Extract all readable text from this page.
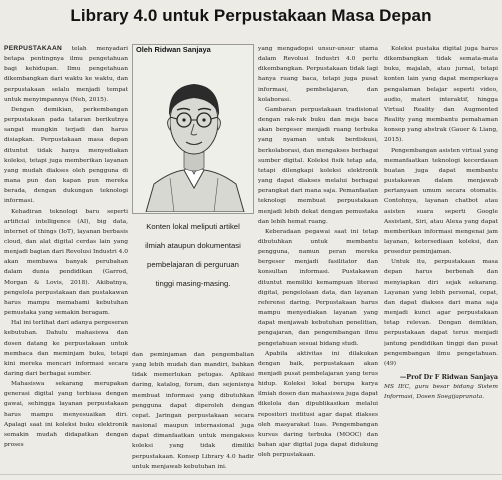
Library 4.0 untuk Perpustakaan Masa Depan

PERPUSTAKAAN telah menyadari betapa pentingnya ilmu pengetahuan bagi kehidupan. Ilmu pengetahuan dikembangkan dari waktu ke waktu, dan perpustakaan selalu menjadi tempat untuk menyimpannya (Neh, 2015).

Dengan demikian, perkembangan perpustakaan pada tataran berikutnya sangat mungkin terjadi dan harus disiapkan. Perpustakaan masa depan dituntut tidak hanya menyediakan koleksi, tetapi juga memberikan layanan yang mudah diakses oleh pengguna di mana pun dan kapan pun mereka berada, dengan dukungan teknologi informasi.

Kehadiran teknologi baru seperti artificial intelligence (AI), big data, internet of things (IoT), layanan berbasis cloud, dan alat digital cerdas lain yang menjadi bagian dari Revolusi Industri 4.0 akan membawa banyak perubahan dalam dunia pendidikan (Garrod, Morgan & Lovis, 2018). Akibatnya, pengelola perpustakaan dan pustakawan harus mampu memahami kebutuhan pemustaka yang semakin beragam.

Hal ini terlihat dari adanya pergeseran kebutuhan. Dahulu mahasiswa dan dosen datang ke perpustakaan untuk membaca dan meminjam buku, tetapi kini mereka mencari informasi secara daring dari berbagai sumber.

Mahasiswa sekarang merupakan generasi digital yang terbiasa dengan gawai, sehingga layanan perpustakaan harus mampu menyesuaikan diri. Apalagi saat ini koleksi buku elektronik semakin mudah didapatkan dengan proses

Oleh Ridwan Sanjaya
Konten lokal meliputi artikel
ilmiah ataupun dokumentasi
pembelajaran di perguruan
tinggi masing-masing.

dan peminjaman dan pengembalian yang lebih mudah dan mandiri, bahkan tidak memerlukan petugas. Aplikasi daring, katalog, forum, dan sejenisnya membuat informasi yang dibutuhkan pengguna dapat diperoleh dengan cepat. Jaringan perpustakaan secara nasional maupun internasional juga dapat dimanfaatkan untuk mengakses koleksi yang tidak dimiliki perpustakaan. Konsep Library 4.0 hadir untuk menjawab kebutuhan ini.

yang mengadopsi unsur-unsur utama dalam Revolusi Industri 4.0 perlu dikembangkan. Perpustakaan tidak lagi hanya ruang baca, tetapi juga pusat informasi, pembelajaran, dan kolaborasi.

Gambaran perpustakaan tradisional dengan rak-rak buku dan meja baca akan bergeser menjadi ruang terbuka yang nyaman untuk berdiskusi, berkolaborasi, dan mengakses berbagai sumber digital. Koleksi fisik tetap ada, tetapi dilengkapi koleksi elektronik yang dapat diakses melalui berbagai perangkat dari mana saja. Pemanfaatan teknologi membuat perpustakaan menjadi lebih dekat dengan pemustaka dan lebih hemat ruang.

Keberadaan pegawai saat ini tetap dibutuhkan untuk membantu pengguna, namun peran mereka bergeser menjadi fasilitator dan konsultan informasi. Pustakawan dituntut memiliki kemampuan literasi digital, pengelolaan data, dan layanan referensi daring. Perpustakaan harus mampu menyediakan layanan yang dapat menjawab kebutuhan penelitian, pengajaran, dan pengembangan ilmu pengetahuan sesuai bidang studi.

Apabila aktivitas ini dilakukan dengan baik, perpustakaan akan menjadi pusat pembelajaran yang terus hidup. Koleksi lokal berupa karya ilmiah dosen dan mahasiswa juga dapat dikelola dan dipublikasikan melalui repositori institusi agar dapat diakses oleh masyarakat luas. Pengembangan kursus daring terbuka (MOOC) dan bahan ajar digital juga dapat didukung oleh perpustakaan.

Koleksi pustaka digital juga harus dikembangkan tidak semata-mata buku, majalah, atau jurnal, tetapi konten lain yang dapat memperkaya pengalaman belajar seperti video, audio, materi interaktif, hingga Virtual Reality dan Augmented Reality yang membantu pemahaman konsep yang abstrak (Gauer & Liang, 2015).

Pengembangan asisten virtual yang memanfaatkan teknologi kecerdasan buatan juga dapat membantu pustakawan dalam menjawab pertanyaan umum secara otomatis. Contohnya, layanan chatbot atau asisten suara seperti Google Assistant, Siri, atau Alexa yang dapat memberikan informasi mengenai jam layanan, ketersediaan koleksi, dan prosedur peminjaman.

Untuk itu, perpustakaan masa depan harus berbenah dan menyiapkan diri sejak sekarang. Layanan yang lebih personal, cepat, dan dapat diakses dari mana saja menjadi kunci agar perpustakaan tetap relevan. Dengan demikian, perpustakaan dapat terus menjadi jantung pendidikan tinggi dan pusat pengembangan ilmu pengetahuan. (49)

—Prof Dr F Ridwan Sanjaya
MS IEC, guru besar bidang Sistem Informasi, Dosen Soegijapranata.
